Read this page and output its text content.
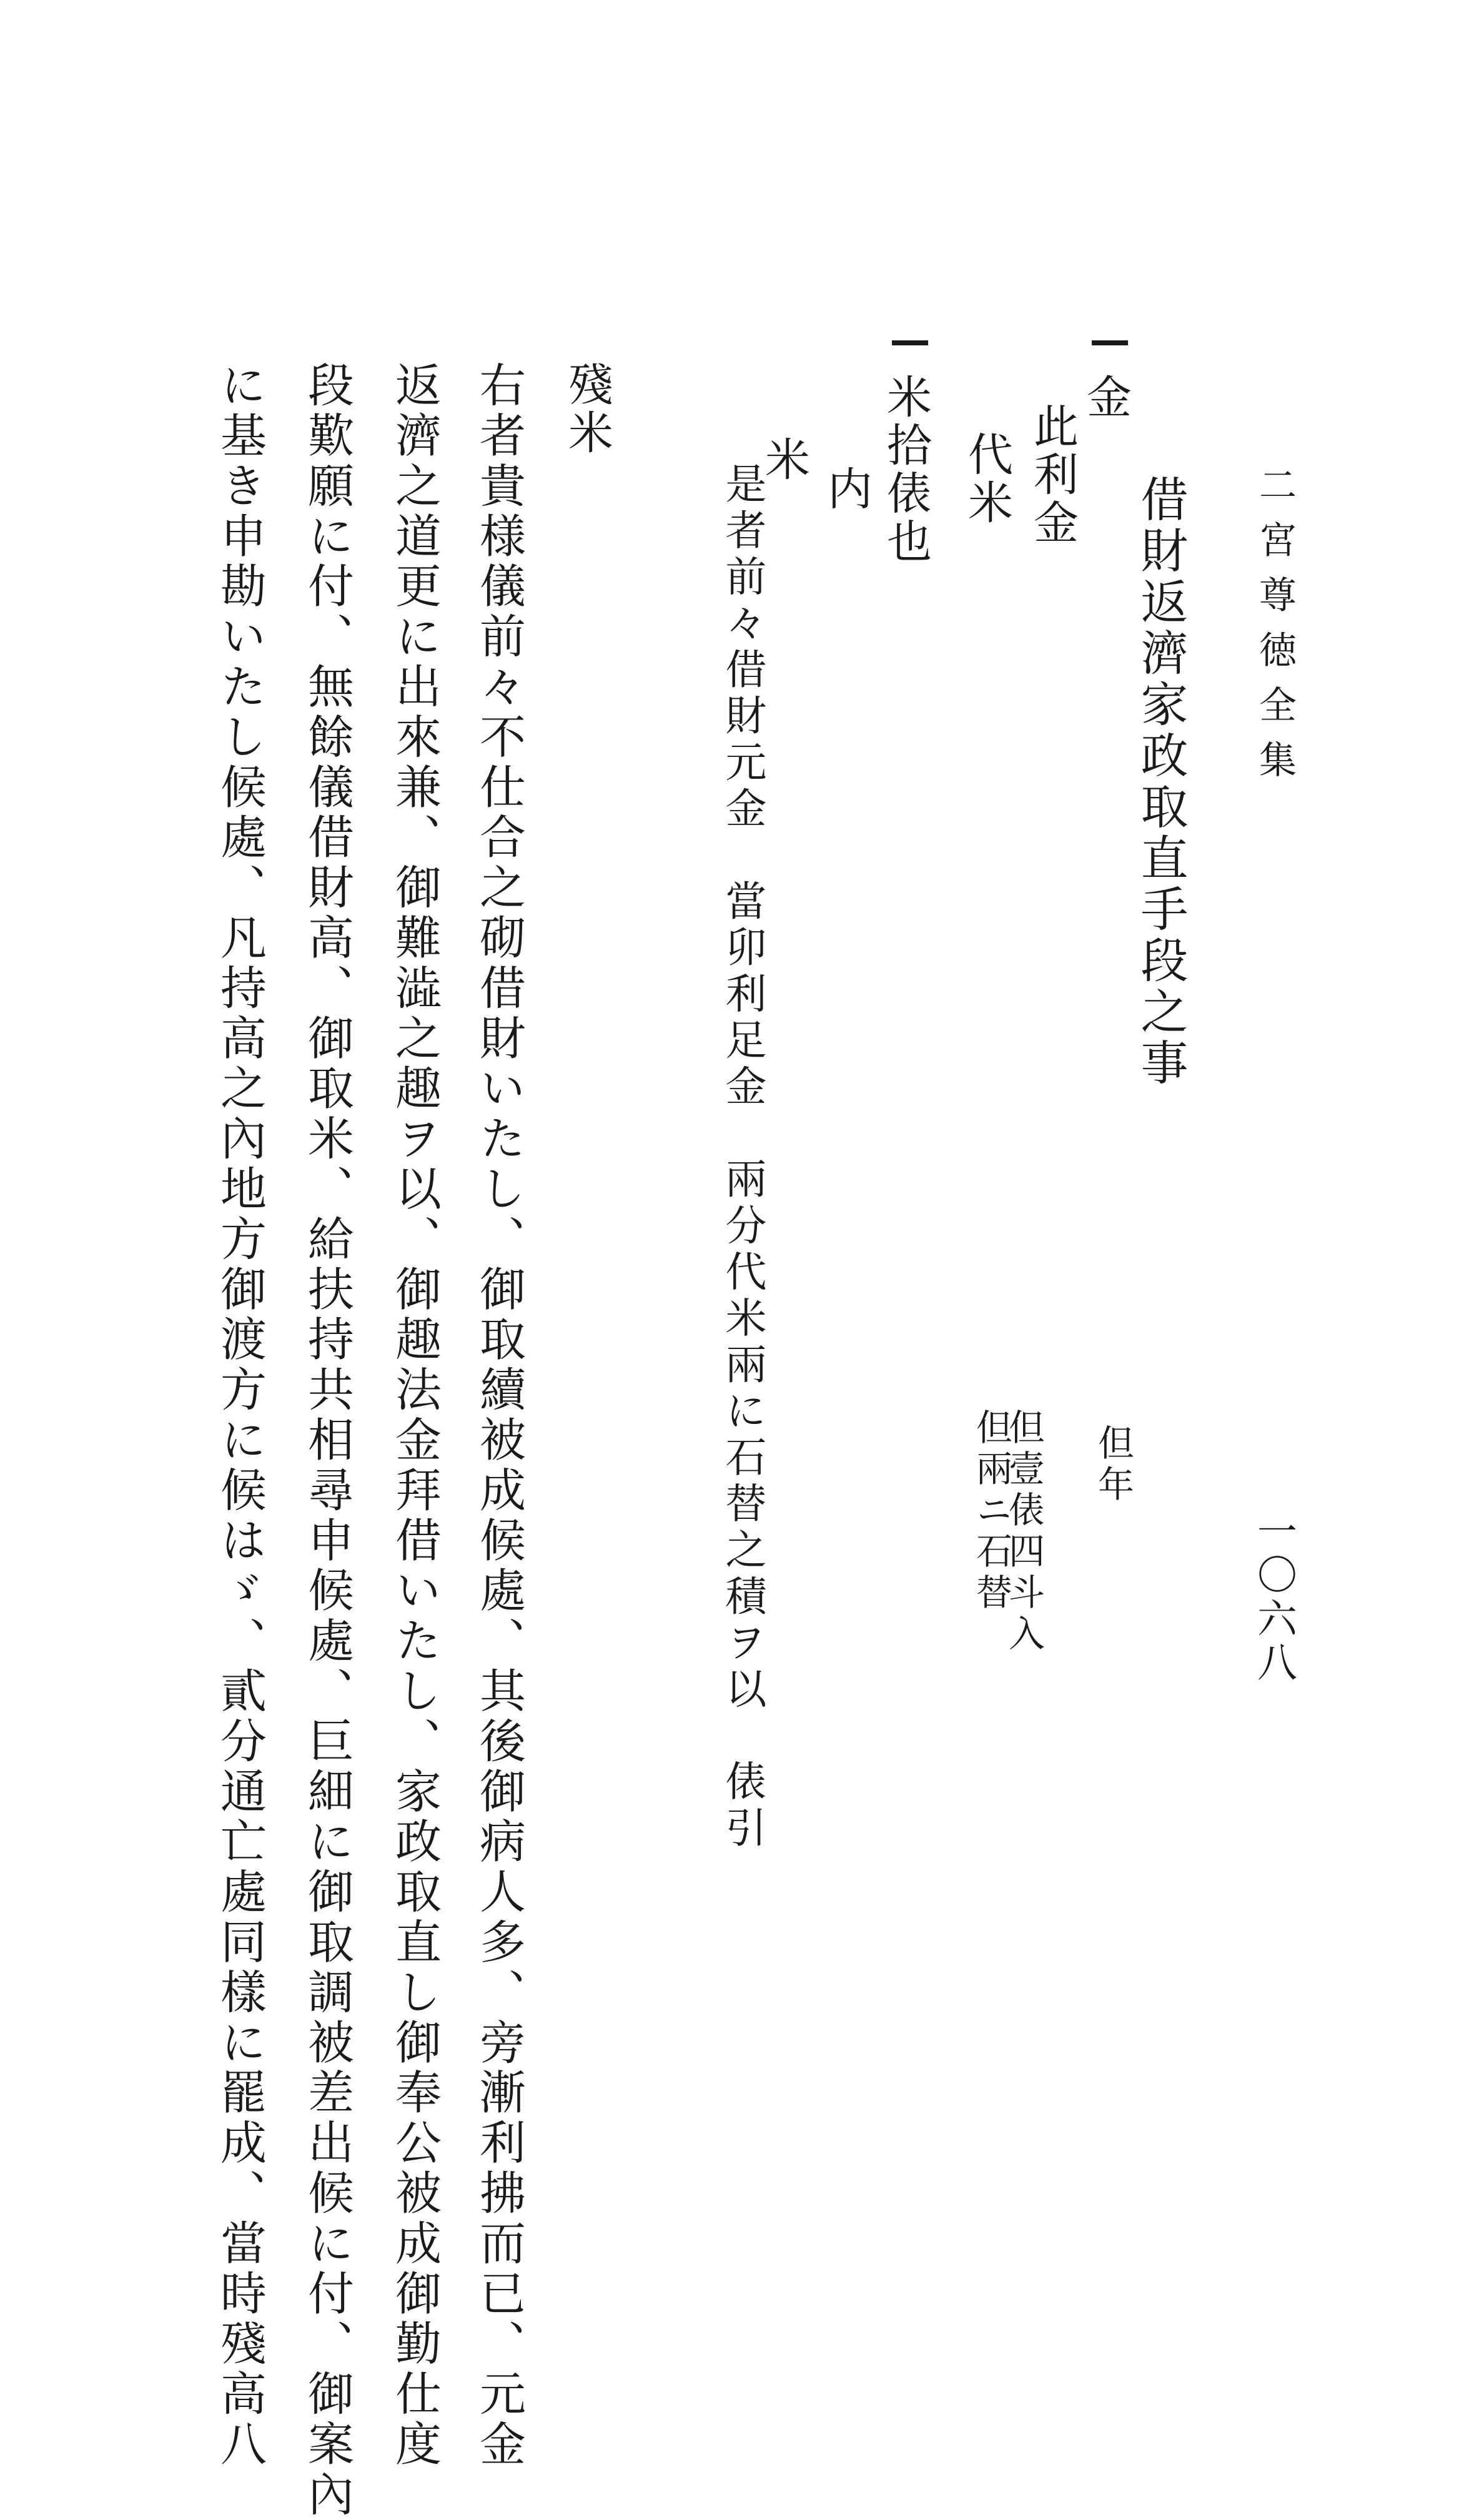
二宮尊徳全集
一〇六八
借財返濟家政取直手段之事
金
但年
此利金
代米
但壹俵四斗入
但兩ニ石替
米拾俵也
内
米
是者前々借財元金　當卯利足金　兩分代米兩に石替之積ヲ以　俵引
殘米
右者貴様儀前々不仕合之砌借財いたし、御取續被成候處、其後御病人多、旁漸利拂而已、元金
返濟之道更に出來兼、御難澁之趣ヲ以、御趣法金拜借いたし、家政取直し御奉公被成御勤仕度
段歎願に付、無餘儀借財高、御取米、給扶持共相尋申候處、巨細に御取調被差出候に付、御案內
に基き申勘いたし候處、凡持高之內地方御渡方に候はゞ、貳分通亡處同樣に罷成、當時殘高八
